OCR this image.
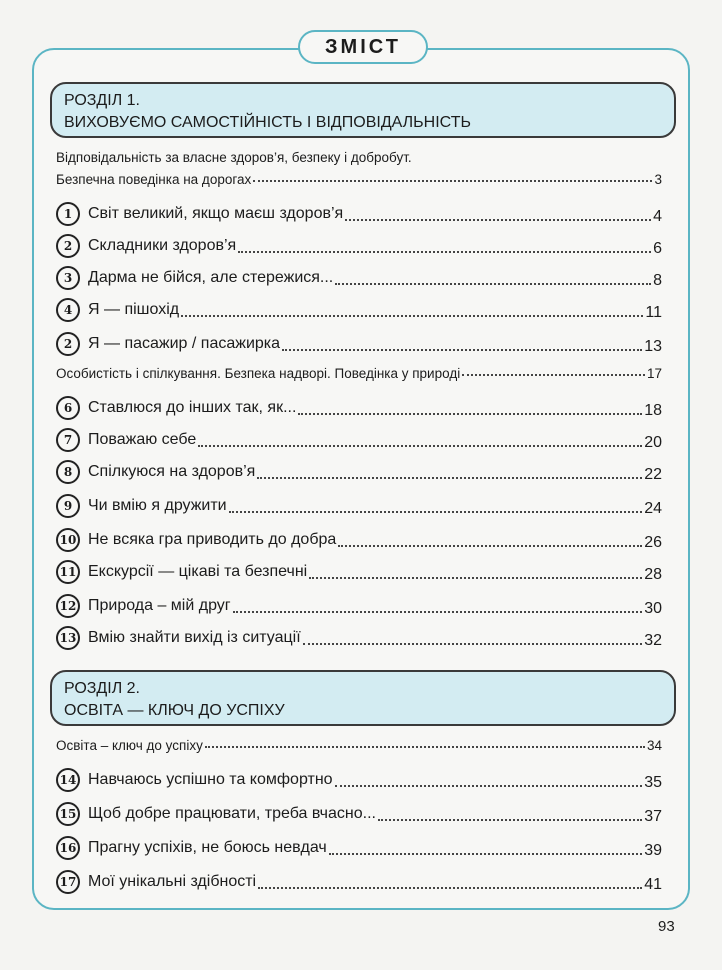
ЗМІСТ
РОЗДІЛ 1.
ВИХОВУЄМО САМОСТІЙНІСТЬ І ВІДПОВІДАЛЬНІСТЬ
РОЗДІЛ 2.
ОСВІТА — КЛЮЧ ДО УСПІХУ
Відповідальність за власне здоров’я, безпеку і добробут.
Безпечна поведінка на дорогах	3
1 Світ великий, якщо маєш здоров’я	4
2 Складники здоров’я	6
3 Дарма не бійся, але стережися...	8
4 Я — пішохід	11
2 Я — пасажир / пасажирка	13
Особистість і спілкування. Безпека надворі. Поведінка у природі	17
6 Ставлюся до інших так, як...	18
7 Поважаю себе	20
8 Спілкуюся на здоров’я	22
9 Чи вмію я дружити	24
10 Не всяка гра приводить до добра	26
11 Екскурсії — цікаві та безпечні	28
12 Природа – мій друг	30
13 Вмію знайти вихід із ситуації	32
Освіта – ключ до успіху	34
14 Навчаюсь успішно та комфортно	35
15 Щоб добре працювати, треба вчасно...	37
16 Прагну успіхів, не боюсь невдач	39
17 Мої унікальні здібності	41
93
